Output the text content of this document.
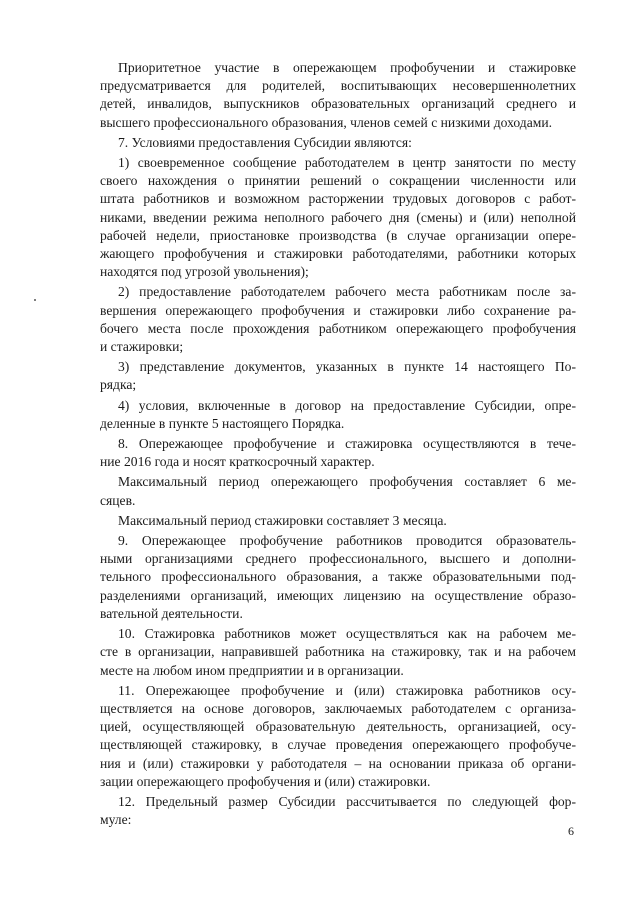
Приоритетное участие в опережающем профобучении и стажировке
предусматривается для родителей, воспитывающих несовершеннолетних
детей, инвалидов, выпускников образовательных организаций среднего и
высшего профессионального образования, членов семей с низкими доходами.
7. Условиями предоставления Субсидии являются:
1) своевременное сообщение работодателем в центр занятости по месту
своего нахождения о принятии решений о сокращении численности или
штата работников и возможном расторжении трудовых договоров с работ-
никами, введении режима неполного рабочего дня (смены) и (или) неполной
рабочей недели, приостановке производства (в случае организации опере-
жающего профобучения и стажировки работодателями, работники которых
находятся под угрозой увольнения);
2) предоставление работодателем рабочего места работникам после за-
вершения опережающего профобучения и стажировки либо сохранение ра-
бочего места после прохождения работником опережающего профобучения
и стажировки;
3) представление документов, указанных в пункте 14 настоящего По-
рядка;
4) условия, включенные в договор на предоставление Субсидии, опре-
деленные в пункте 5 настоящего Порядка.
8. Опережающее профобучение и стажировка осуществляются в тече-
ние 2016 года и носят краткосрочный характер.
Максимальный период опережающего профобучения составляет 6 ме-
сяцев.
Максимальный период стажировки составляет 3 месяца.
9. Опережающее профобучение работников проводится образователь-
ными организациями среднего профессионального, высшего и дополни-
тельного профессионального образования, а также образовательными под-
разделениями организаций, имеющих лицензию на осуществление образо-
вательной деятельности.
10. Стажировка работников может осуществляться как на рабочем ме-
сте в организации, направившей работника на стажировку, так и на рабочем
месте на любом ином предприятии и в организации.
11. Опережающее профобучение и (или) стажировка работников осу-
ществляется на основе договоров, заключаемых работодателем с организа-
цией, осуществляющей образовательную деятельность, организацией, осу-
ществляющей стажировку, в случае проведения опережающего профобуче-
ния и (или) стажировки у работодателя – на основании приказа об органи-
зации опережающего профобучения и (или) стажировки.
12. Предельный размер Субсидии рассчитывается по следующей фор-
муле:
6
